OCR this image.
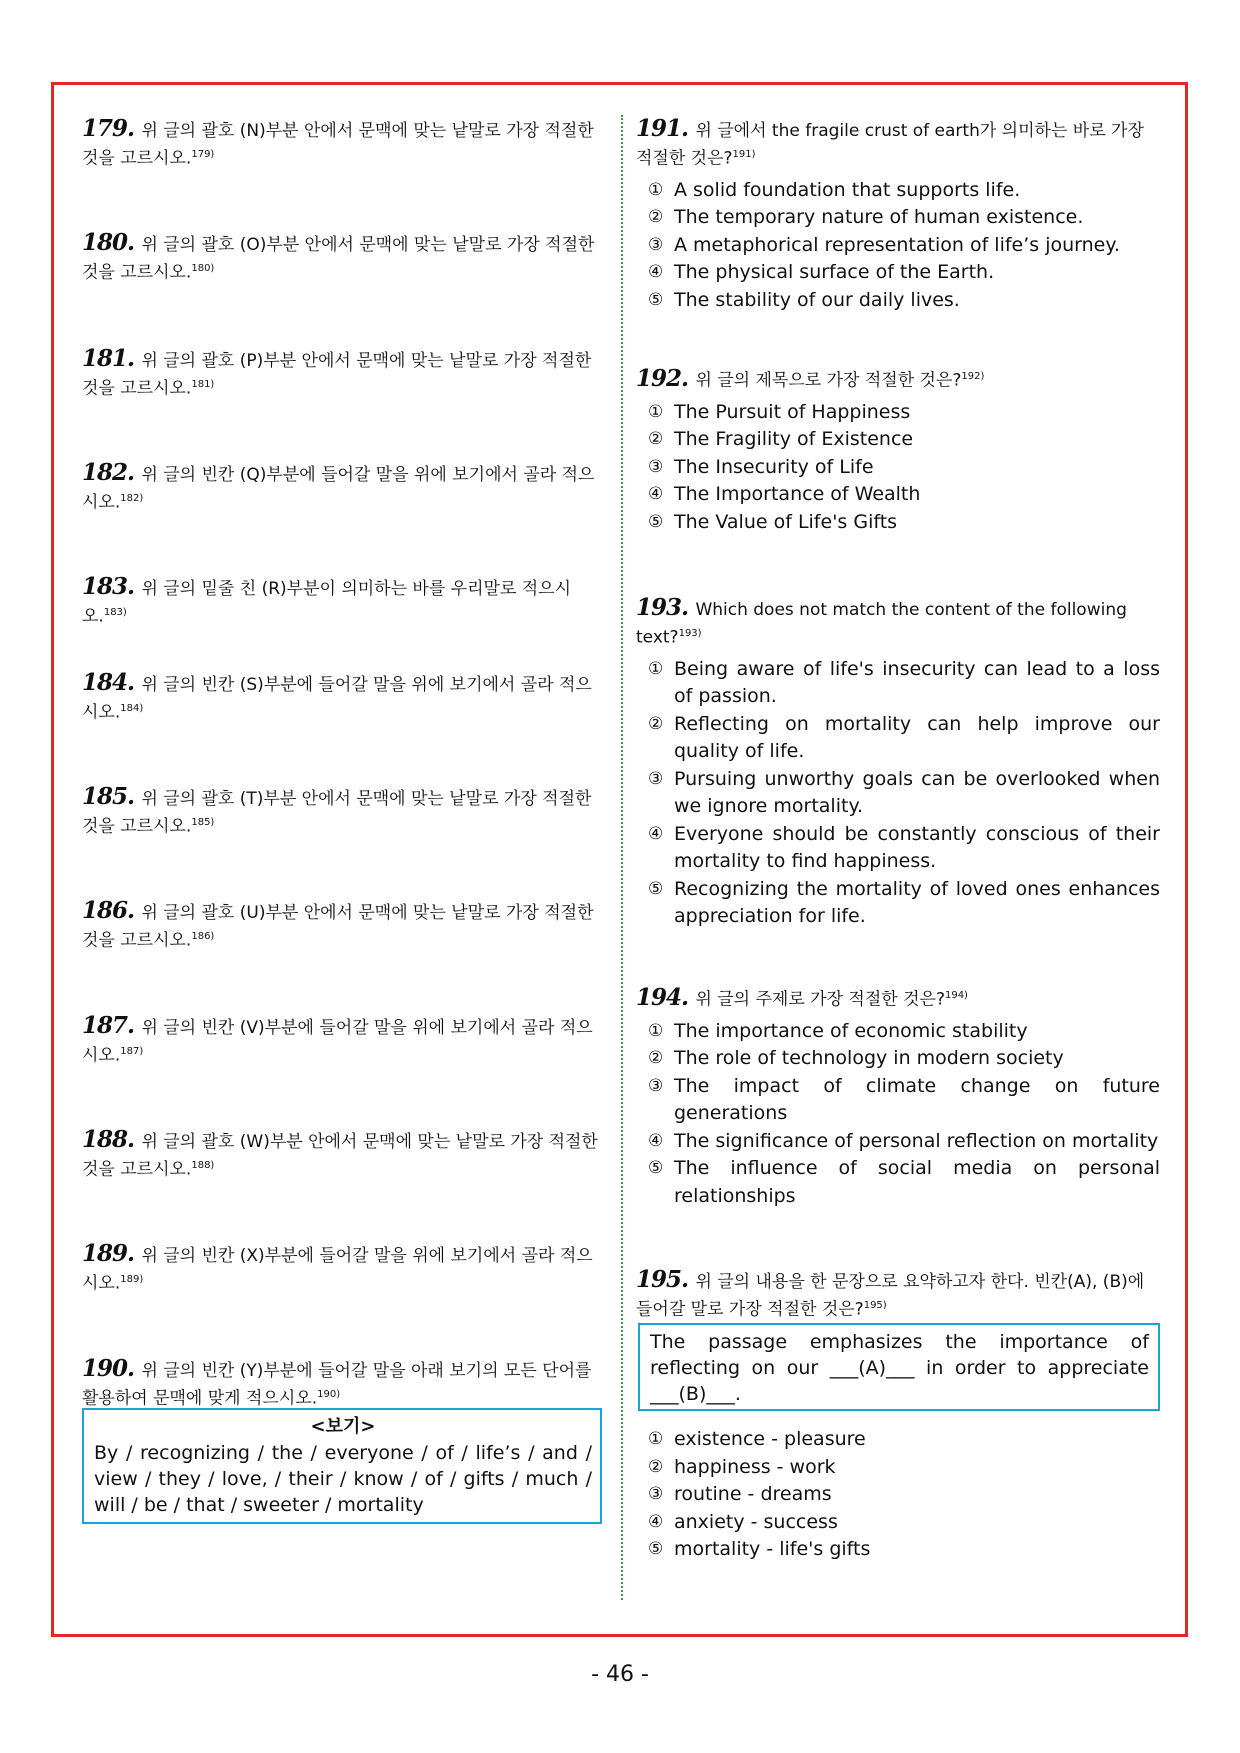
179. 위 글의 괄호 (N)부분 안에서 문맥에 맞는 낱말로 가장 적절한 것을 고르시오.$^{179)}$
180. 위 글의 괄호 (O)부분 안에서 문맥에 맞는 낱말로 가장 적절한 것을 고르시오.$^{180)}$
181. 위 글의 괄호 (P)부분 안에서 문맥에 맞는 낱말로 가장 적절한 것을 고르시오.$^{181)}$
182. 위 글의 빈칸 (Q)부분에 들어갈 말을 위에 보기에서 골라 적으시오.$^{182)}$
183. 위 글의 밑줄 친 (R)부분이 의미하는 바를 우리말로 적으시오.$^{183)}$
184. 위 글의 빈칸 (S)부분에 들어갈 말을 위에 보기에서 골라 적으시오.$^{184)}$
185. 위 글의 괄호 (T)부분 안에서 문맥에 맞는 낱말로 가장 적절한 것을 고르시오.$^{185)}$
186. 위 글의 괄호 (U)부분 안에서 문맥에 맞는 낱말로 가장 적절한 것을 고르시오.$^{186)}$
187. 위 글의 빈칸 (V)부분에 들어갈 말을 위에 보기에서 골라 적으시오.$^{187)}$
188. 위 글의 괄호 (W)부분 안에서 문맥에 맞는 낱말로 가장 적절한 것을 고르시오.$^{188)}$
189. 위 글의 빈칸 (X)부분에 들어갈 말을 위에 보기에서 골라 적으시오.$^{189)}$
190. 위 글의 빈칸 (Y)부분에 들어갈 말을 아래 보기의 모든 단어를 활용하여 문맥에 맞게 적으시오.$^{190)}$
<보기>
By / recognizing / the / everyone / of / life’s / and / view / they / love, / their / know / of / gifts / much / will / be / that / sweeter / mortality
191. 위 글에서 the fragile crust of earth가 의미하는 바로 가장 적절한 것은?$^{191)}$
① A solid foundation that supports life.
② The temporary nature of human existence.
③ A metaphorical representation of life’s journey.
④ The physical surface of the Earth.
⑤ The stability of our daily lives.
192. 위 글의 제목으로 가장 적절한 것은?$^{192)}$
① The Pursuit of Happiness
② The Fragility of Existence
③ The Insecurity of Life
④ The Importance of Wealth
⑤ The Value of Life's Gifts
193. Which does not match the content of the following text?$^{193)}$
① Being aware of life's insecurity can lead to a loss of passion.
② Reflecting on mortality can help improve our quality of life.
③ Pursuing unworthy goals can be overlooked when we ignore mortality.
④ Everyone should be constantly conscious of their mortality to find happiness.
⑤ Recognizing the mortality of loved ones enhances appreciation for life.
194. 위 글의 주제로 가장 적절한 것은?$^{194)}$
① The importance of economic stability
② The role of technology in modern society
③ The impact of climate change on future generations
④ The significance of personal reflection on mortality
⑤ The influence of social media on personal relationships
195. 위 글의 내용을 한 문장으로 요약하고자 한다. 빈칸(A), (B)에 들어갈 말로 가장 적절한 것은?$^{195)}$
The passage emphasizes the importance of reflecting on our ___(A)___ in order to appreciate ___(B)___.
① existence - pleasure
② happiness - work
③ routine - dreams
④ anxiety - success
⑤ mortality - life's gifts
- 46 -
